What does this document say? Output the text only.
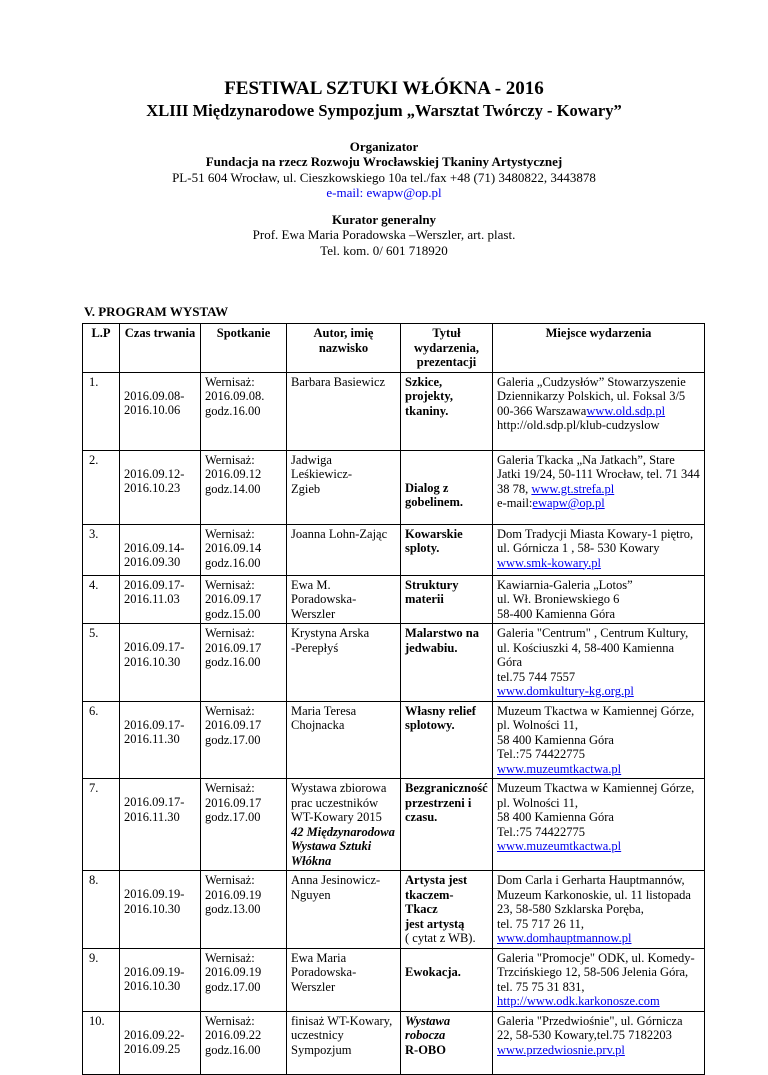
FESTIWAL SZTUKI WŁÓKNA - 2016
XLIII Międzynarodowe Sympozjum „Warsztat Twórczy - Kowary”
Organizator
Fundacja na rzecz Rozwoju Wrocławskiej Tkaniny Artystycznej
PL-51 604 Wrocław, ul. Cieszkowskiego 10a tel./fax +48 (71) 3480822, 3443878
e-mail: ewapw@op.pl
Kurator generalny
Prof. Ewa Maria Poradowska –Werszler, art. plast.
Tel. kom. 0/ 601 718920
V. PROGRAM WYSTAW
L.P	Czas trwania	Spotkanie	Autor, imię nazwisko	Tytuł wydarzenia, prezentacji	Miejsce wydarzenia
1.	2016.09.08-
2016.10.06	Wernisaż:
2016.09.08.
godz.16.00	Barbara Basiewicz	Szkice,
projekty,
tkaniny.	Galeria „Cudzysłów” Stowarzyszenie Dziennikarzy Polskich, ul. Foksal 3/5
00-366 Warszawawww.old.sdp.pl http://old.sdp.pl/klub-cudzyslow
2.	2016.09.12-
2016.10.23	Wernisaż:
2016.09.12
godz.14.00	Jadwiga Leśkiewicz-
Zgieb	Dialog z
gobelinem.	Galeria Tkacka „Na Jatkach”, Stare Jatki 19/24, 50-111 Wrocław, tel. 71 344 38 78, www.gt.strefa.pl
e-mail:ewapw@op.pl
3.	2016.09.14-
2016.09.30	Wernisaż:
2016.09.14
godz.16.00	Joanna Lohn-Zając	Kowarskie
sploty.	Dom Tradycji Miasta Kowary-1 piętro,
ul. Górnicza 1 , 58- 530 Kowary
www.smk-kowary.pl
4.	2016.09.17-
2016.11.03	Wernisaż:
2016.09.17
godz.15.00	Ewa M. Poradowska-
Werszler	Struktury
materii	Kawiarnia-Galeria „Lotos”
ul. Wł. Broniewskiego 6
58-400 Kamienna Góra
5.	2016.09.17-
2016.10.30	Wernisaż:
2016.09.17
godz.16.00	Krystyna Arska
-Perepłyś	Malarstwo na
jedwabiu.	Galeria "Centrum" , Centrum Kultury,
ul. Kościuszki 4, 58-400 Kamienna Góra
tel.75 744 7557
www.domkultury-kg.org.pl
6.	2016.09.17-
2016.11.30	Wernisaż:
2016.09.17
godz.17.00	Maria Teresa Chojnacka	Własny relief
splotowy.	Muzeum Tkactwa w Kamiennej Górze,
pl. Wolności 11,
58 400 Kamienna Góra
Tel.:75 74422775
www.muzeumtkactwa.pl
7.	2016.09.17-
2016.11.30	Wernisaż:
2016.09.17
godz.17.00	Wystawa zbiorowa prac uczestników WT-Kowary 2015
42 Międzynarodowa Wystawa Sztuki Włókna	Bezgraniczność
przestrzeni i
czasu.	Muzeum Tkactwa w Kamiennej Górze,
pl. Wolności 11,
58 400 Kamienna Góra
Tel.:75 74422775
www.muzeumtkactwa.pl
8.	2016.09.19-
2016.10.30	Wernisaż:
2016.09.19
godz.13.00	Anna Jesinowicz-
Nguyen	Artysta jest
tkaczem- Tkacz
jest artystą
( cytat z WB).	Dom Carla i Gerharta Hauptmannów,
Muzeum Karkonoskie, ul. 11 listopada
23, 58-580 Szklarska Poręba,
tel. 75 717 26 11,
www.domhauptmannow.pl
9.	2016.09.19-
2016.10.30	Wernisaż:
2016.09.19
godz.17.00	Ewa Maria Poradowska-
Werszler	Ewokacja.	Galeria "Promocje" ODK, ul. Komedy-Trzcińskiego 12, 58-506 Jelenia Góra,
tel. 75 75 31 831,
http://www.odk.karkonosze.com
10.	2016.09.22-
2016.09.25	Wernisaż:
2016.09.22
godz.16.00	finisaż WT-Kowary,
uczestnicy Sympozjum	Wystawa
robocza
R-OBO	Galeria "Przedwiośnie", ul. Górnicza 22, 58-530 Kowary,tel.75 7182203
www.przedwiosnie.prv.pl
